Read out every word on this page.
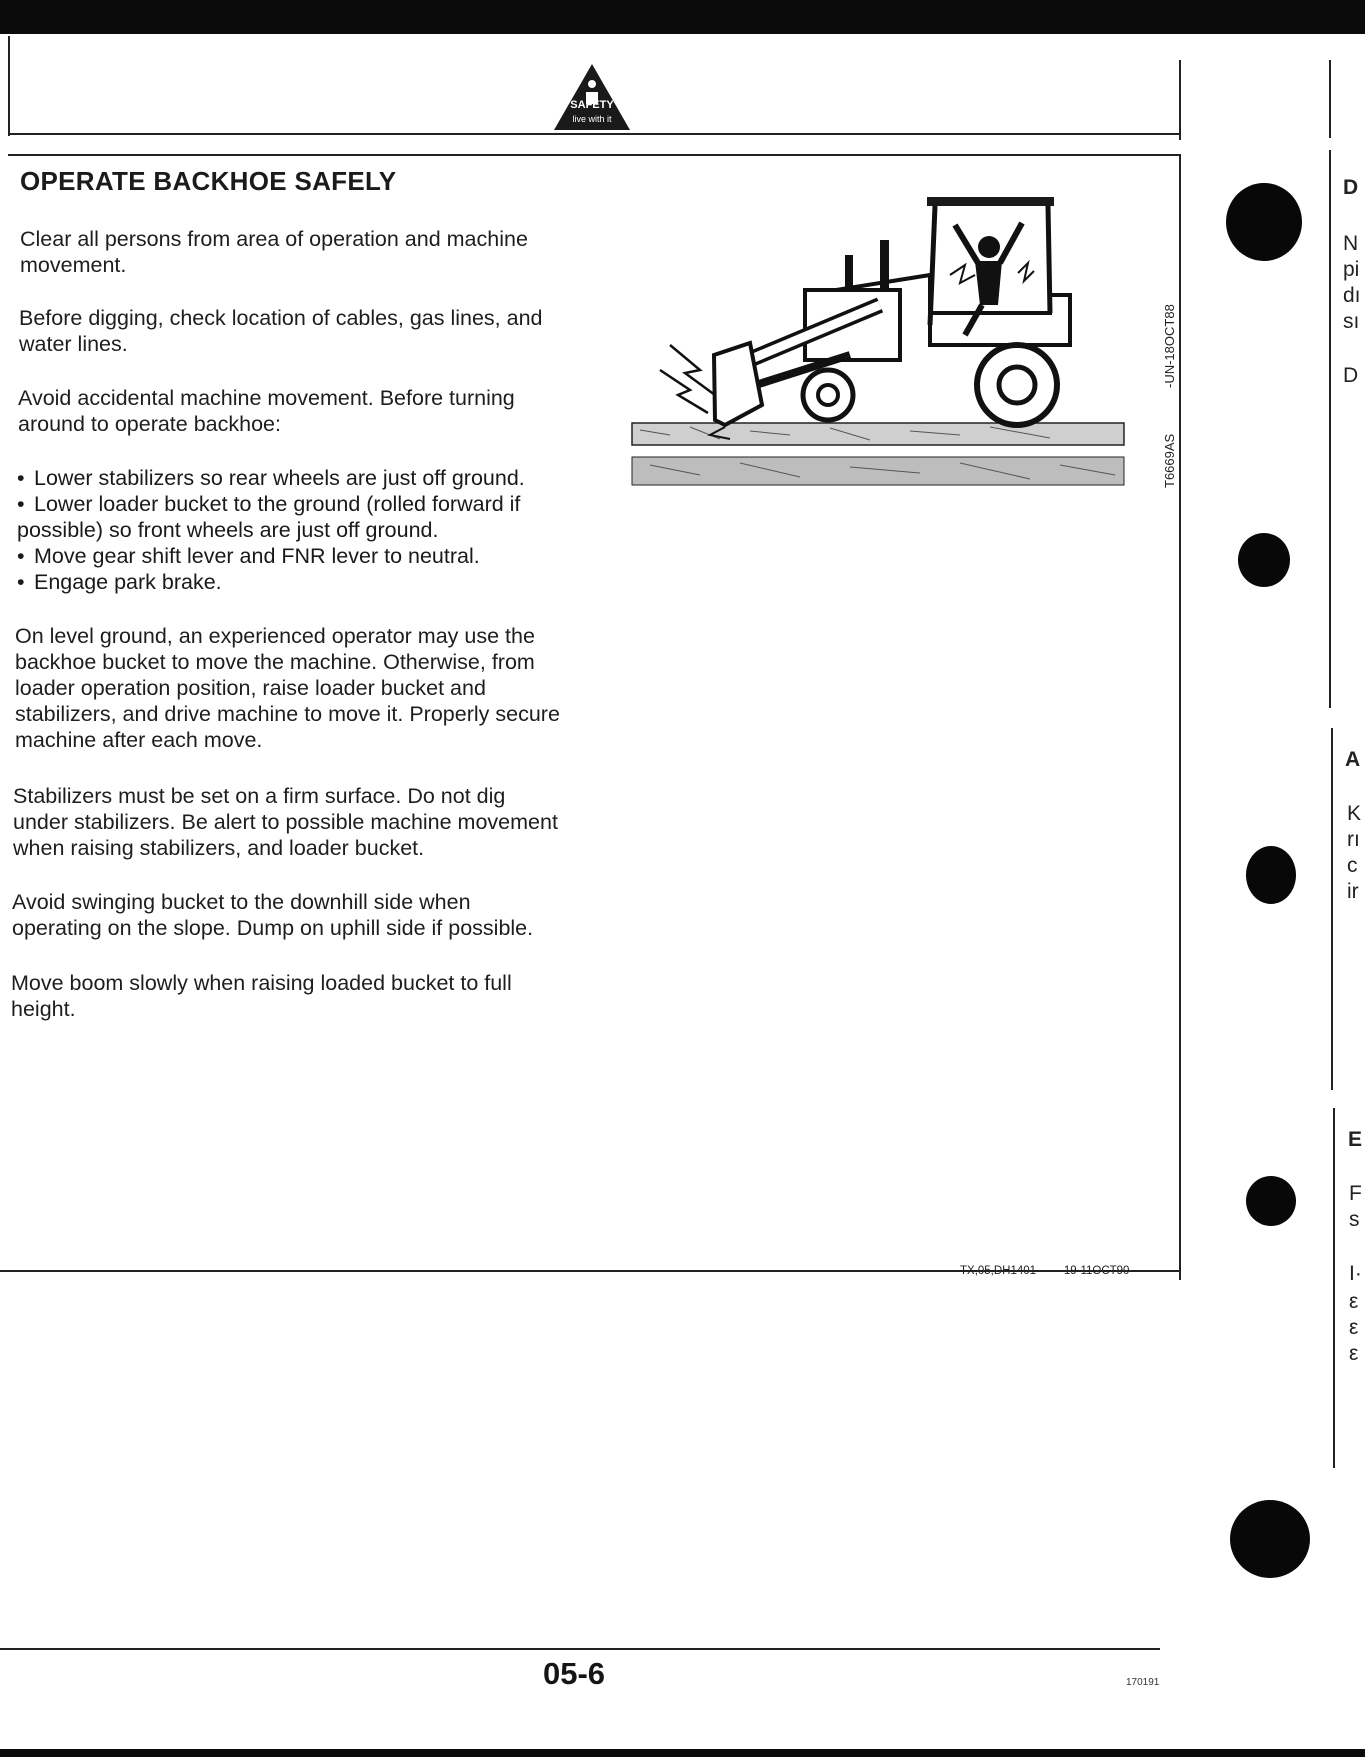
SAFETY
live with it
OPERATE BACKHOE SAFELY

Clear all persons from area of operation and machine
movement.

Before digging, check location of cables, gas lines, and
water lines.

Avoid accidental machine movement. Before turning
around to operate backhoe:

• Lower stabilizers so rear wheels are just off ground.
• Lower loader bucket to the ground (rolled forward if
possible) so front wheels are just off ground.
• Move gear shift lever and FNR lever to neutral.
• Engage park brake.

On level ground, an experienced operator may use the
backhoe bucket to move the machine. Otherwise, from
loader operation position, raise loader bucket and
stabilizers, and drive machine to move it. Properly secure
machine after each move.

Stabilizers must be set on a firm surface. Do not dig
under stabilizers. Be alert to possible machine movement
when raising stabilizers, and loader bucket.

Avoid swinging bucket to the downhill side when
operating on the slope. Dump on uphill side if possible.

Move boom slowly when raising loaded bucket to full
height.

-UN-18OCT88
T6669AS
TX,05,DH1401 -19-11OCT90
05-6	170191
D
N
pi
dı
sı
D
A
K
rı
c
ir
E
F
s
I·
ε
ε
ε
